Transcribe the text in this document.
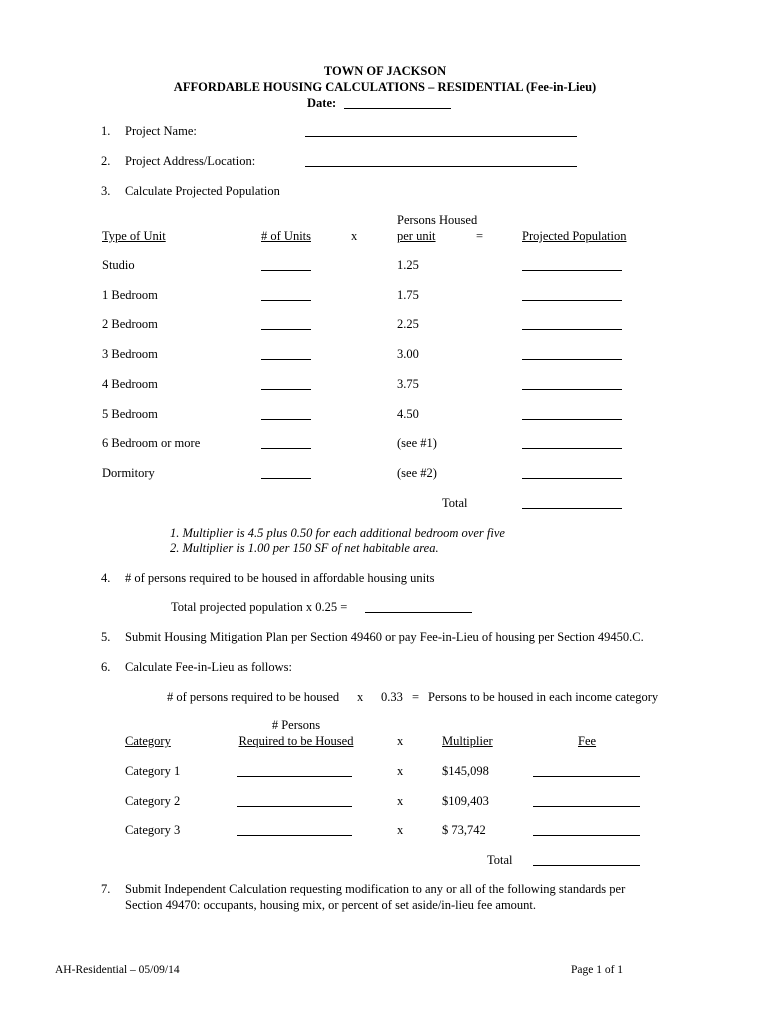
TOWN OF JACKSON
AFFORDABLE HOUSING CALCULATIONS – RESIDENTIAL (Fee-in-Lieu)
Date:
1. Project Name:
2. Project Address/Location:
3. Calculate Projected Population
Type of Unit	# of Units	x
Persons Housed
per unit	=	Projected Population
Studio	1.25
1 Bedroom	1.75
2 Bedroom	2.25
3 Bedroom	3.00
4 Bedroom	3.75
5 Bedroom	4.50
6 Bedroom or more	(see #1)
Dormitory	(see #2)
Total
1. Multiplier is 4.5 plus 0.50 for each additional bedroom over five
2. Multiplier is 1.00 per 150 SF of net habitable area.
4. # of persons required to be housed in affordable housing units
Total projected population x 0.25 =
5. Submit Housing Mitigation Plan per Section 49460 or pay Fee-in-Lieu of housing per Section 49450.C.
6. Calculate Fee-in-Lieu as follows:
# of persons required to be housed x 0.33 = Persons to be housed in each income category
Category
# Persons
Required to be Housed	x	Multiplier	Fee
Category 1	x	$145,098
Category 2	x	$109,403
Category 3	x	$ 73,742
Total
7. Submit Independent Calculation requesting modification to any or all of the following standards per
Section 49470: occupants, housing mix, or percent of set aside/in-lieu fee amount.
AH-Residential – 05/09/14	Page 1 of 1
